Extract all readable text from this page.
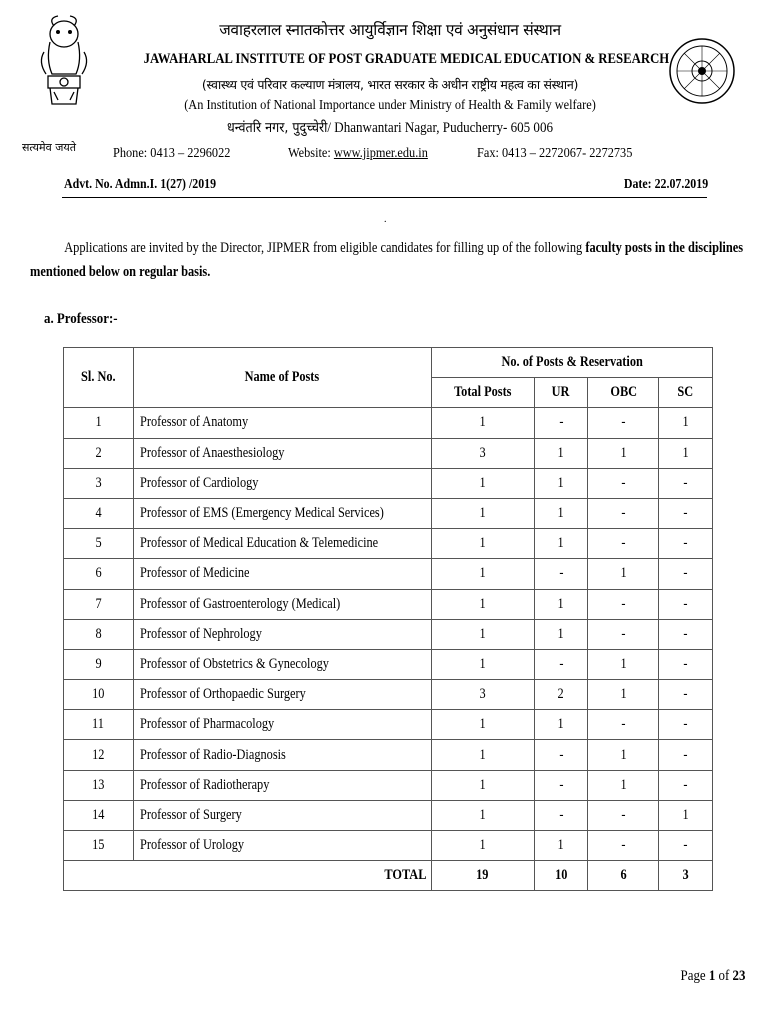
सत्यमेव जयते
जवाहरलाल स्नातकोत्तर आयुर्विज्ञान शिक्षा एवं अनुसंधान संस्थान
JAWAHARLAL INSTITUTE OF POST GRADUATE MEDICAL EDUCATION & RESEARCH
(स्वास्थ्य एवं परिवार कल्याण मंत्रालय, भारत सरकार के अधीन राष्ट्रीय महत्व का संस्थान)
(An Institution of National Importance under Ministry of Health & Family welfare)
धन्वंतरि नगर, पुदुच्चेरी/ Dhanwantari Nagar, Puducherry- 605 006
Phone: 0413 – 2296022	Website: www.jipmer.edu.in	Fax: 0413 – 2272067- 2272735
Advt. No. Admn.I. 1(27) /2019	Date: 22.07.2019
.
Applications are invited by the Director, JIPMER from eligible candidates for filling up of the following faculty posts in the disciplines mentioned below on regular basis.
a. Professor:-
Sl. No.	Name of Posts	No. of Posts & Reservation			
		Total Posts	UR	OBC	SC
1	Professor of Anatomy	1	-	-	1
2	Professor of Anaesthesiology	3	1	1	1
3	Professor of Cardiology	1	1	-	-
4	Professor of EMS (Emergency Medical Services)	1	1	-	-
5	Professor of Medical Education & Telemedicine	1	1	-	-
6	Professor of Medicine	1	-	1	-
7	Professor of Gastroenterology (Medical)	1	1	-	-
8	Professor of Nephrology	1	1	-	-
9	Professor of Obstetrics & Gynecology	1	-	1	-
10	Professor of Orthopaedic Surgery	3	2	1	-
11	Professor of Pharmacology	1	1	-	-
12	Professor of Radio-Diagnosis	1	-	1	-
13	Professor of Radiotherapy	1	-	1	-
14	Professor of Surgery	1	-	-	1
15	Professor of Urology	1	1	-	-
	TOTAL	19	10	6	3
Page 1 of 23
